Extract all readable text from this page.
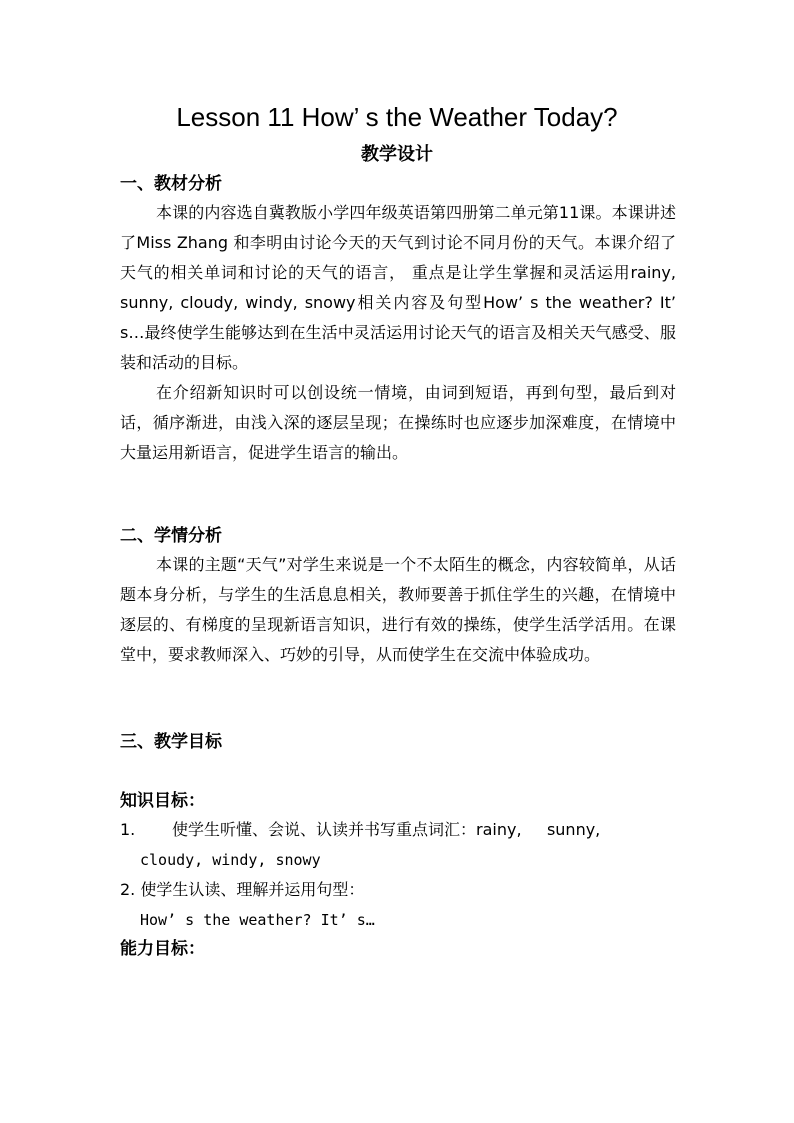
Lesson 11 How’ s the Weather Today?
教学设计
一、教材分析

本课的内容选自冀教版小学四年级英语第四册第二单元第11课。本课讲述了Miss Zhang 和李明由讨论今天的天气到讨论不同月份的天气。本课介绍了天气的相关单词和讨论的天气的语言， 重点是让学生掌握和灵活运用rainy, sunny, cloudy, windy, snowy相关内容及句型How’ s the weather? It’ s…最终使学生能够达到在生活中灵活运用讨论天气的语言及相关天气感受、服装和活动的目标。

在介绍新知识时可以创设统一情境，由词到短语，再到句型，最后到对话，循序渐进，由浅入深的逐层呈现；在操练时也应逐步加深难度，在情境中大量运用新语言，促进学生语言的输出。

二、学情分析

本课的主题“天气”对学生来说是一个不太陌生的概念，内容较简单，从话题本身分析，与学生的生活息息相关，教师要善于抓住学生的兴趣，在情境中逐层的、有梯度的呈现新语言知识，进行有效的操练，使学生活学活用。在课堂中，要求教师深入、巧妙的引导，从而使学生在交流中体验成功。

三、教学目标
知识目标：
1. 使学生听懂、会说、认读并书写重点词汇：rainy,     sunny,
cloudy, windy, snowy
2. 使学生认读、理解并运用句型：
How’ s the weather? It’ s…
能力目标：
